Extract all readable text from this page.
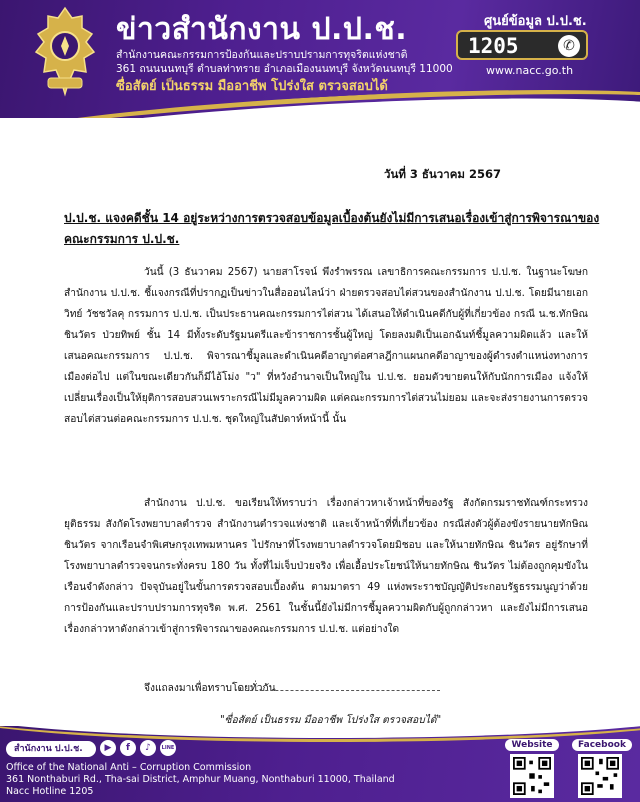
ข่าวสำนักงาน ป.ป.ช.
สำนักงานคณะกรรมการป้องกันและปราบปรามการทุจริตแห่งชาติ
361 ถนนนนทบุรี ตำบลท่าทราย อำเภอเมืองนนทบุรี จังหวัดนนทบุรี 11000
ซื่อสัตย์ เป็นธรรม มืออาชีพ โปร่งใส ตรวจสอบได้
ศูนย์ข้อมูล ป.ป.ช.
1205	✆
www.nacc.go.th
วันที่ 3 ธันวาคม 2567
ป.ป.ช. แจงคดีชั้น 14 อยู่ระหว่างการตรวจสอบข้อมูลเบื้องต้นยังไม่มีการเสนอเรื่องเข้าสู่การพิจารณาของคณะกรรมการ ป.ป.ช.

วันนี้ (3 ธันวาคม 2567) นายสาโรจน์ พึงรำพรรณ เลขาธิการคณะกรรมการ ป.ป.ช. ในฐานะโฆษกสำนักงาน ป.ป.ช. ชี้แจงกรณีที่ปรากฏเป็นข่าวในสื่อออนไลน์ว่า ฝ่ายตรวจสอบไต่สวนของสำนักงาน ป.ป.ช. โดยมีนายเอกวิทย์ วัชชวัลคุ กรรมการ ป.ป.ช. เป็นประธานคณะกรรมการไต่สวน ได้เสนอให้ดำเนินคดีกับผู้ที่เกี่ยวข้อง กรณี น.ช.ทักษิณ ชินวัตร ป่วยทิพย์ ชั้น 14 มีทั้งระดับรัฐมนตรีและข้าราชการชั้นผู้ใหญ่ โดยลงมติเป็นเอกฉันท์ชี้มูลความผิดแล้ว และให้เสนอคณะกรรมการ ป.ป.ช. พิจารณาชี้มูลและดำเนินคดีอาญาต่อศาลฎีกาแผนกคดีอาญาของผู้ดำรงตำแหน่งทางการเมืองต่อไป แต่ในขณะเดียวกันก็มีไอ้โม่ง "ว" ที่หวังอำนาจเป็นใหญ่ใน ป.ป.ช. ยอมตัวขายตนให้กับนักการเมือง แจ้งให้เปลี่ยนเรื่องเป็นให้ยุติการสอบสวนเพราะกรณีไม่มีมูลความผิด แต่คณะกรรมการไต่สวนไม่ยอม และจะส่งรายงานการตรวจสอบไต่สวนต่อคณะกรรมการ ป.ป.ช. ชุดใหญ่ในสัปดาห์หน้านี้ นั้น

สำนักงาน ป.ป.ช. ขอเรียนให้ทราบว่า เรื่องกล่าวหาเจ้าหน้าที่ของรัฐ สังกัดกรมราชทัณฑ์กระทรวงยุติธรรม สังกัดโรงพยาบาลตำรวจ สำนักงานตำรวจแห่งชาติ และเจ้าหน้าที่ที่เกี่ยวข้อง กรณีส่งตัวผู้ต้องขังรายนายทักษิณ ชินวัตร จากเรือนจำพิเศษกรุงเทพมหานคร ไปรักษาที่โรงพยาบาลตำรวจโดยมิชอบ และให้นายทักษิณ ชินวัตร อยู่รักษาที่โรงพยาบาลตำรวจจนกระทั่งครบ 180 วัน ทั้งที่ไม่เจ็บป่วยจริง เพื่อเอื้อประโยชน์ให้นายทักษิณ ชินวัตร ไม่ต้องถูกคุมขังในเรือนจำดังกล่าว ปัจจุบันอยู่ในขั้นการตรวจสอบเบื้องต้น ตามมาตรา 49 แห่งพระราชบัญญัติประกอบรัฐธรรมนูญว่าด้วยการป้องกันและปราบปรามการทุจริต พ.ศ. 2561 ในชั้นนี้ยังไม่มีการชี้มูลความผิดกับผู้ถูกกล่าวหา และยังไม่มีการเสนอเรื่องกล่าวหาดังกล่าวเข้าสู่การพิจารณาของคณะกรรมการ ป.ป.ช. แต่อย่างใด

จึงแถลงมาเพื่อทราบโดยทั่วกัน
"ซื่อสัตย์ เป็นธรรม มืออาชีพ โปร่งใส ตรวจสอบได้"
สำนักงาน ป.ป.ช.	▶	f	♪	LINE
Office of the National Anti – Corruption Commission
361 Nonthaburi Rd., Tha-sai District, Amphur Muang, Nonthaburi 11000, Thailand
Nacc Hotline 1205
Website	Facebook
